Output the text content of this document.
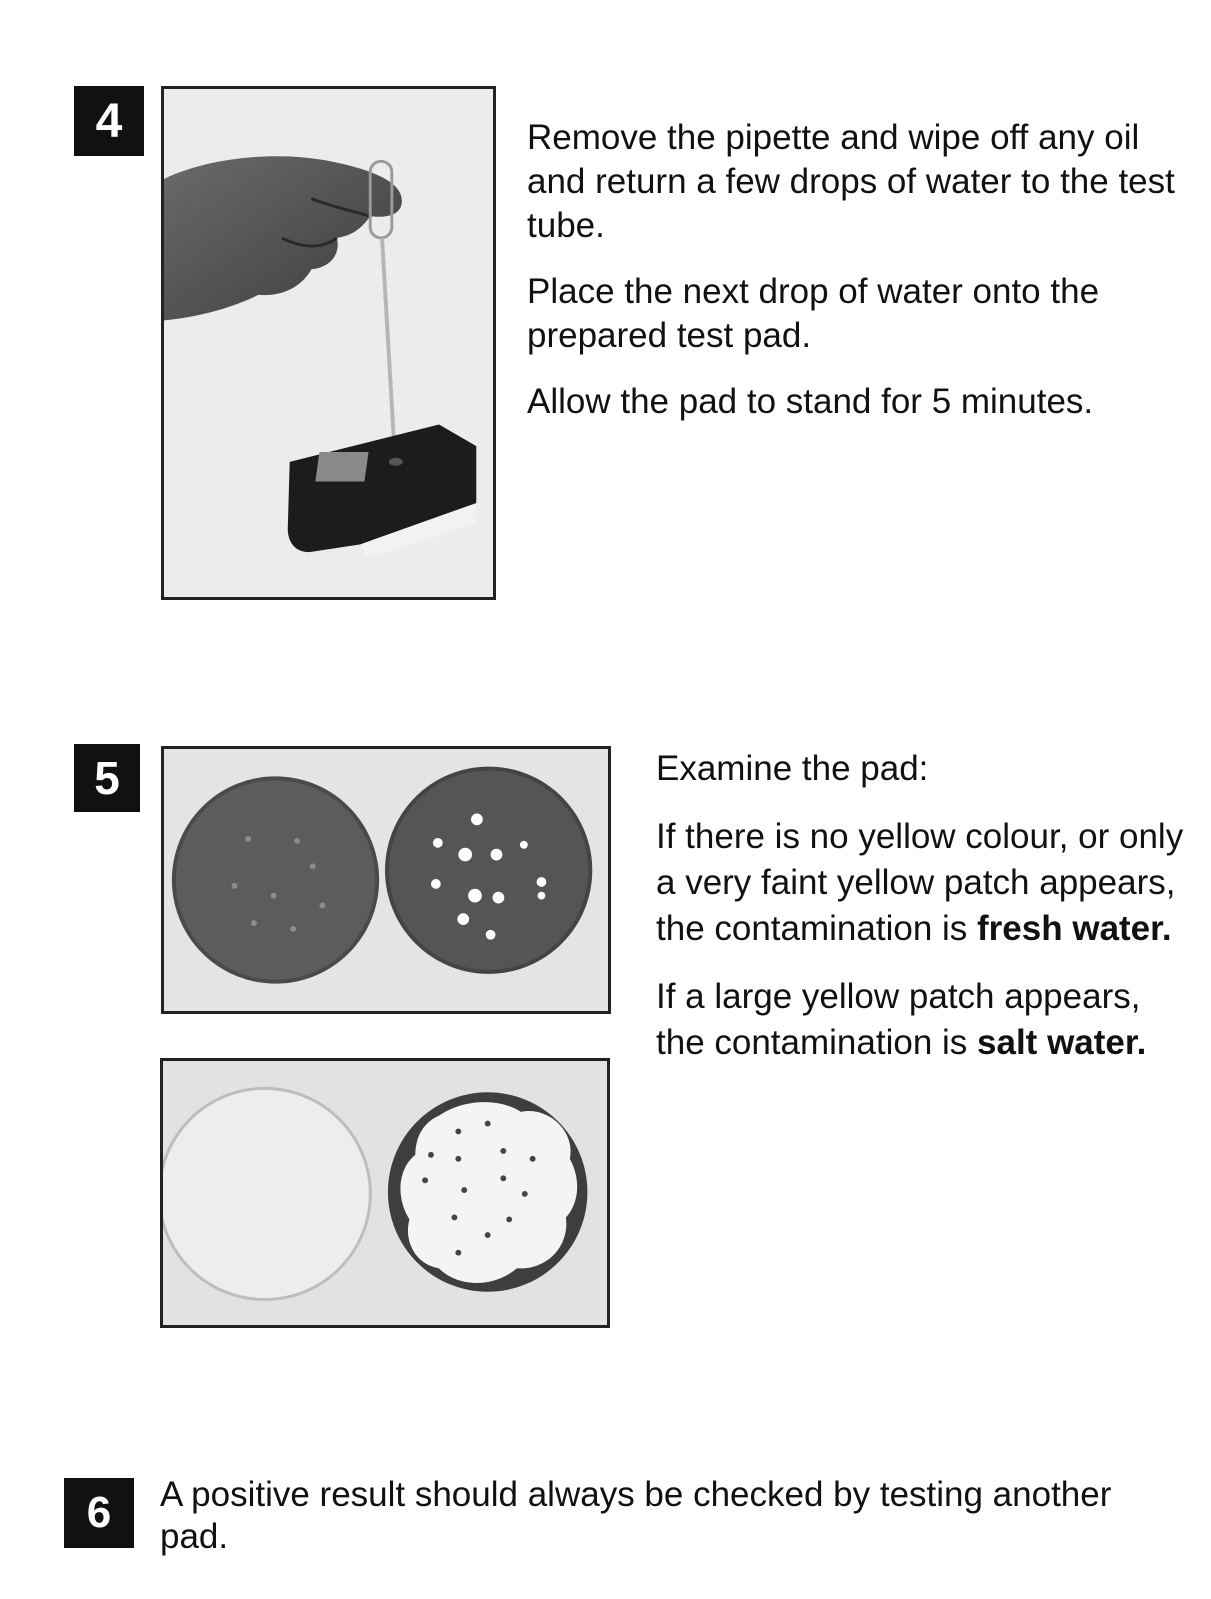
4	Remove the pipette and wipe off any oil and return a few drops of water to the test tube.

Place the next drop of water onto the prepared test pad.

Allow the pad to stand for 5 minutes.

5	Examine the pad:

If there is no yellow colour, or only a very faint yellow patch appears, the contamination is fresh water.

If a large yellow patch appears, the contamination is salt water.

6	A positive result should always be checked by testing another pad.
